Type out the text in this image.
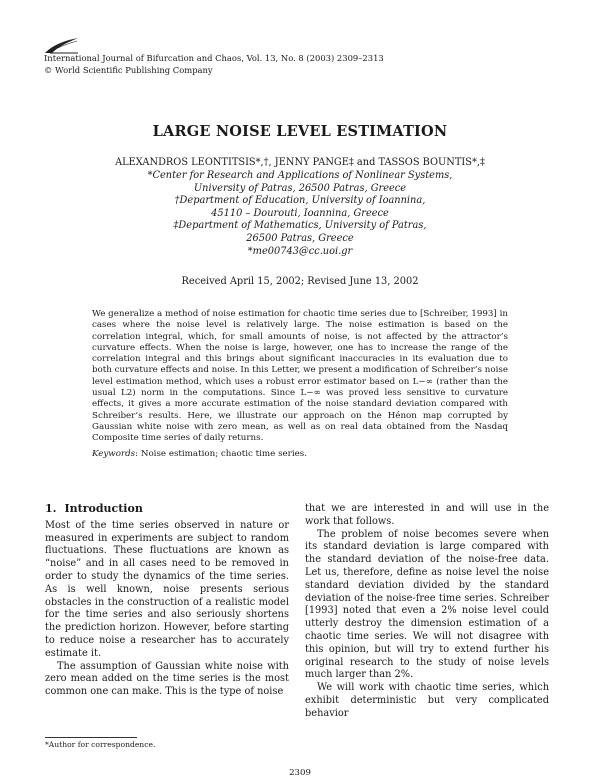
International Journal of Bifurcation and Chaos, Vol. 13, No. 8 (2003) 2309–2313
© World Scientific Publishing Company
LARGE NOISE LEVEL ESTIMATION
ALEXANDROS LEONTITSIS*,†, JENNY PANGE‡ and TASSOS BOUNTIS*,‡
*Center for Research and Applications of Nonlinear Systems,
University of Patras, 26500 Patras, Greece
†Department of Education, University of Ioannina,
45110 – Dourouti, Ioannina, Greece
‡Department of Mathematics, University of Patras,
26500 Patras, Greece
*me00743@cc.uoi.gr
Received April 15, 2002; Revised June 13, 2002
We generalize a method of noise estimation for chaotic time series due to [Schreiber, 1993] in cases where the noise level is relatively large. The noise estimation is based on the correlation integral, which, for small amounts of noise, is not affected by the attractor’s curvature effects. When the noise is large, however, one has to increase the range of the correlation integral and this brings about significant inaccuracies in its evaluation due to both curvature effects and noise. In this Letter, we present a modification of Schreiber’s noise level estimation method, which uses a robust error estimator based on L−∞ (rather than the usual L2) norm in the computations. Since L−∞ was proved less sensitive to curvature effects, it gives a more accurate estimation of the noise standard deviation compared with Schreiber’s results. Here, we illustrate our approach on the Hénon map corrupted by Gaussian white noise with zero mean, as well as on real data obtained from the Nasdaq Composite time series of daily returns.
Keywords: Noise estimation; chaotic time series.
1. Introduction

Most of the time series observed in nature or measured in experiments are subject to random fluctuations. These fluctuations are known as “noise” and in all cases need to be removed in order to study the dynamics of the time series. As is well known, noise presents serious obstacles in the construction of a realistic model for the time series and also seriously shortens the prediction horizon. However, before starting to reduce noise a researcher has to accurately estimate it.

The assumption of Gaussian white noise with zero mean added on the time series is the most common one can make. This is the type of noise

that we are interested in and will use in the work that follows.

The problem of noise becomes severe when its standard deviation is large compared with the standard deviation of the noise-free data. Let us, therefore, define as noise level the noise standard deviation divided by the standard deviation of the noise-free time series. Schreiber [1993] noted that even a 2% noise level could utterly destroy the dimension estimation of a chaotic time series. We will not disagree with this opinion, but will try to extend further his original research to the study of noise levels much larger than 2%.

We will work with chaotic time series, which exhibit deterministic but very complicated behavior

*Author for correspondence.
2309
